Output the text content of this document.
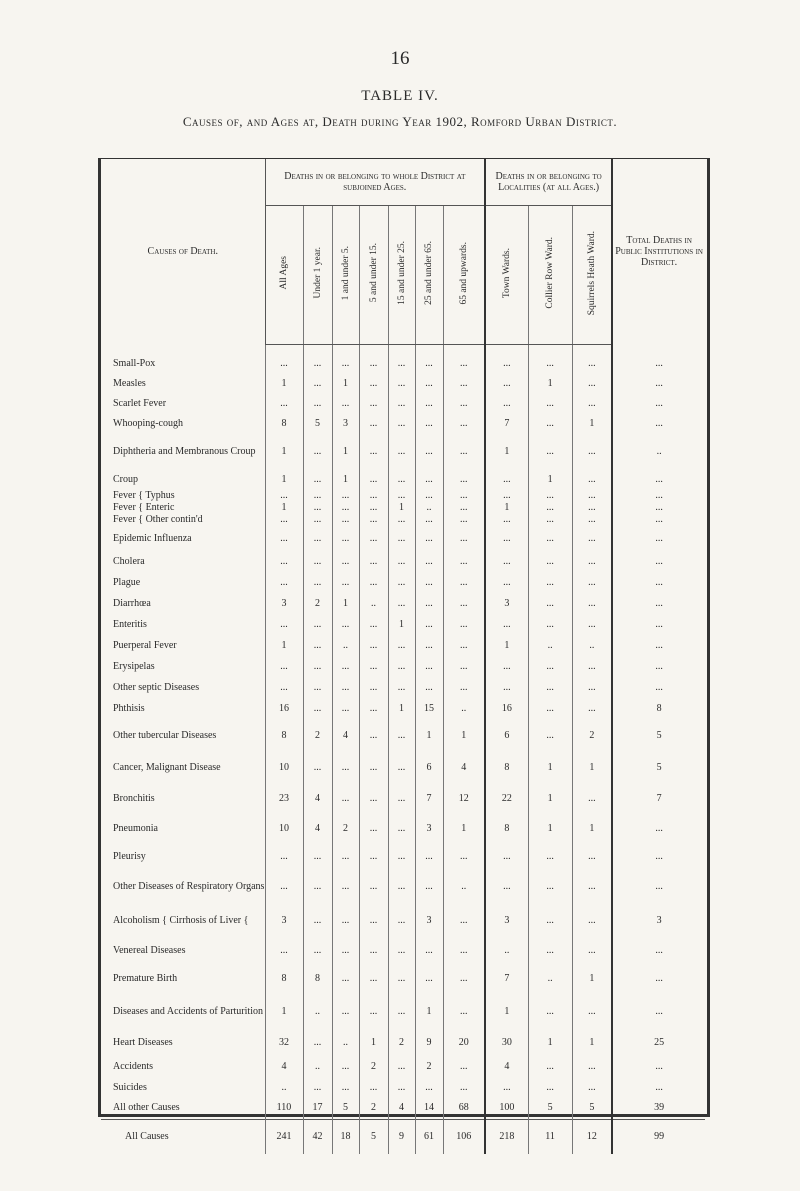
16
TABLE IV.
Causes of, and Ages at, Death during Year 1902, Romford Urban District.
Causes of Death.	Deaths in or belonging to whole District at subjoined Ages.							Deaths in or belonging to Localities (at all Ages.)			Total Deaths in Public Institutions in District.
	All Ages	Under 1 year.	1 and under 5.	5 and under 15.	15 and under 25.	25 and under 65.	65 and upwards.	Town Wards.	Collier Row Ward.	Squirrels Heath Ward.	

Small-Pox	...	...	...	...	...	...	...	...	...	...	...
Measles	1	...	1	...	...	...	...	...	1	...	...
Scarlet Fever	...	...	...	...	...	...	...	...	...	...	...
Whooping-cough	8	5	3	...	...	...	...	7	...	1	...
Diphtheria and Membranous Croup	1	...	1	...	...	...	...	1	...	...	..
Croup	1	...	1	...	...	...	...	...	1	...	...
Fever { Typhus	...	...	...	...	...	...	...	...	...	...	...
Fever { Enteric	1	...	...	...	1	..	...	1	...	...	...
Fever { Other contin'd	...	...	...	...	...	...	...	...	...	...	...
Epidemic Influenza	...	...	...	...	...	...	...	...	...	...	...
Cholera	...	...	...	...	...	...	...	...	...	...	...
Plague	...	...	...	...	...	...	...	...	...	...	...
Diarrhœa	3	2	1	..	...	...	...	3	...	...	...
Enteritis	...	...	...	...	1	...	...	...	...	...	...
Puerperal Fever	1	...	..	...	...	...	...	1	..	..	...
Erysipelas	...	...	...	...	...	...	...	...	...	...	...
Other septic Diseases	...	...	...	...	...	...	...	...	...	...	...
Phthisis	16	...	...	...	1	15	..	16	...	...	8
Other tubercular Diseases	8	2	4	...	...	1	1	6	...	2	5
Cancer, Malignant Disease	10	...	...	...	...	6	4	8	1	1	5
Bronchitis	23	4	...	...	...	7	12	22	1	...	7
Pneumonia	10	4	2	...	...	3	1	8	1	1	...
Pleurisy	...	...	...	...	...	...	...	...	...	...	...
Other Diseases of Respiratory Organs	...	...	...	...	...	...	..	...	...	...	...
Alcoholism { Cirrhosis of Liver {	3	...	...	...	...	3	...	3	...	...	3
Venereal Diseases	...	...	...	...	...	...	...	..	...	...	...
Premature Birth	8	8	...	...	...	...	...	7	..	1	...
Diseases and Accidents of Parturition	1	..	...	...	...	1	...	1	...	...	...
Heart Diseases	32	...	..	1	2	9	20	30	1	1	25
Accidents	4	..	...	2	...	2	...	4	...	...	...
Suicides	..	...	...	...	...	...	...	...	...	...	...
All other Causes	110	17	5	2	4	14	68	100	5	5	39
All Causes	241	42	18	5	9	61	106	218	11	12	99
